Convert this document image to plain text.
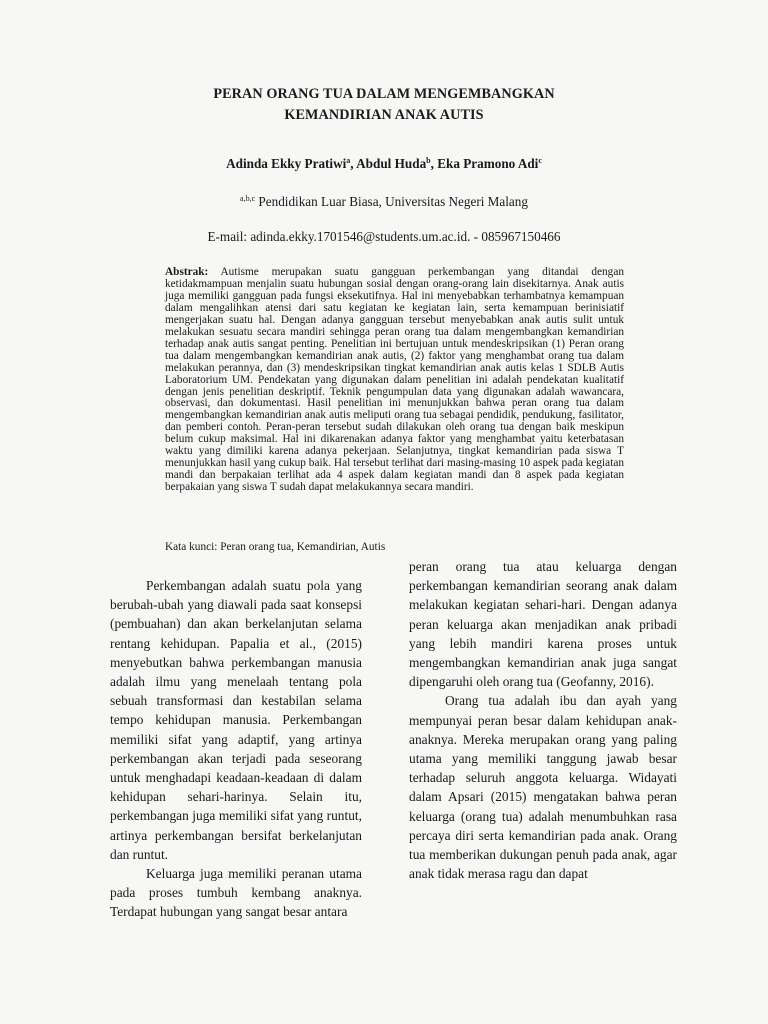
PERAN ORANG TUA DALAM MENGEMBANGKAN
KEMANDIRIAN ANAK AUTIS
Adinda Ekky Pratiwi$^a$, Abdul Huda$^b$, Eka Pramono Adi$^c$
$^{a,b,c}$ Pendidikan Luar Biasa, Universitas Negeri Malang
E-mail: adinda.ekky.1701546@students.um.ac.id. - 085967150466
Abstrak: Autisme merupakan suatu gangguan perkembangan yang ditandai dengan ketidakmampuan menjalin suatu hubungan sosial dengan orang-orang lain disekitarnya. Anak autis juga memiliki gangguan pada fungsi eksekutifnya. Hal ini menyebabkan terhambatnya kemampuan dalam mengalihkan atensi dari satu kegiatan ke kegiatan lain, serta kemampuan berinisiatif mengerjakan suatu hal. Dengan adanya gangguan tersebut menyebabkan anak autis sulit untuk melakukan sesuatu secara mandiri sehingga peran orang tua dalam mengembangkan kemandirian terhadap anak autis sangat penting. Penelitian ini bertujuan untuk mendeskripsikan (1) Peran orang tua dalam mengembangkan kemandirian anak autis, (2) faktor yang menghambat orang tua dalam melakukan perannya, dan (3) mendeskripsikan tingkat kemandirian anak autis kelas 1 SDLB Autis Laboratorium UM. Pendekatan yang digunakan dalam penelitian ini adalah pendekatan kualitatif dengan jenis penelitian deskriptif. Teknik pengumpulan data yang digunakan adalah wawancara, observasi, dan dokumentasi. Hasil penelitian ini menunjukkan bahwa peran orang tua dalam mengembangkan kemandirian anak autis meliputi orang tua sebagai pendidik, pendukung, fasilitator, dan pemberi contoh. Peran-peran tersebut sudah dilakukan oleh orang tua dengan baik meskipun belum cukup maksimal. Hal ini dikarenakan adanya faktor yang menghambat yaitu keterbatasan waktu yang dimiliki karena adanya pekerjaan. Selanjutnya, tingkat kemandirian pada siswa T menunjukkan hasil yang cukup baik. Hal tersebut terlihat dari masing-masing 10 aspek pada kegiatan mandi dan berpakaian terlihat ada 4 aspek dalam kegiatan mandi dan 8 aspek pada kegiatan berpakaian yang siswa T sudah dapat melakukannya secara mandiri.
Kata kunci: Peran orang tua, Kemandirian, Autis

Perkembangan adalah suatu pola yang berubah-ubah yang diawali pada saat konsepsi (pembuahan) dan akan berkelanjutan selama rentang kehidupan. Papalia et al., (2015) menyebutkan bahwa perkembangan manusia adalah ilmu yang menelaah tentang pola sebuah transformasi dan kestabilan selama tempo kehidupan manusia. Perkembangan memiliki sifat yang adaptif, yang artinya perkembangan akan terjadi pada seseorang untuk menghadapi keadaan-keadaan di dalam kehidupan sehari-harinya. Selain itu, perkembangan juga memiliki sifat yang runtut, artinya perkembangan bersifat berkelanjutan dan runtut.

Keluarga juga memiliki peranan utama pada proses tumbuh kembang anaknya. Terdapat hubungan yang sangat besar antara

peran orang tua atau keluarga dengan perkembangan kemandirian seorang anak dalam melakukan kegiatan sehari-hari. Dengan adanya peran keluarga akan menjadikan anak pribadi yang lebih mandiri karena proses untuk mengembangkan kemandirian anak juga sangat dipengaruhi oleh orang tua (Geofanny, 2016).

Orang tua adalah ibu dan ayah yang mempunyai peran besar dalam kehidupan anak-anaknya. Mereka merupakan orang yang paling utama yang memiliki tanggung jawab besar terhadap seluruh anggota keluarga. Widayati dalam Apsari (2015) mengatakan bahwa peran keluarga (orang tua) adalah menumbuhkan rasa percaya diri serta kemandirian pada anak. Orang tua memberikan dukungan penuh pada anak, agar anak tidak merasa ragu dan dapat
